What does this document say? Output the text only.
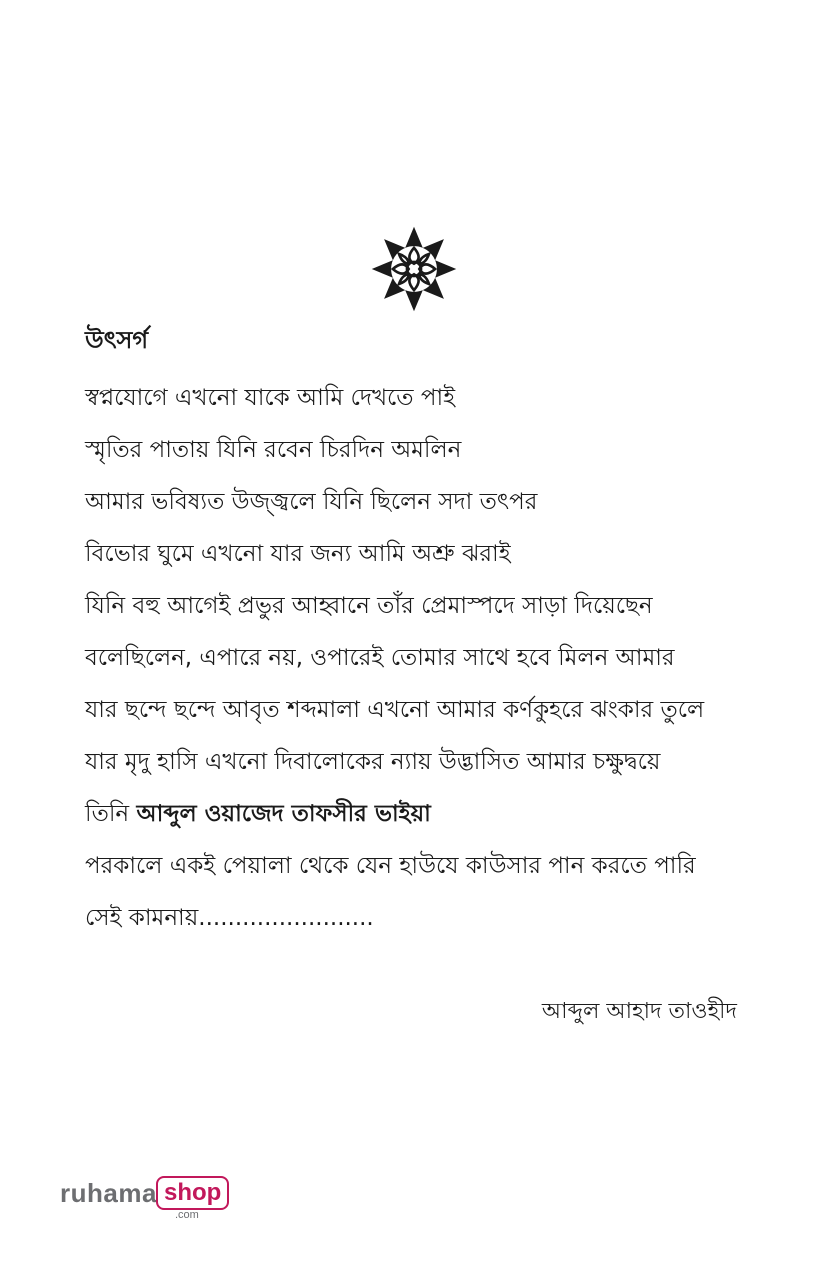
উৎসর্গ

স্বপ্নযোগে এখনো যাকে আমি দেখতে পাই

স্মৃতির পাতায় যিনি রবেন চিরদিন অমলিন

আমার ভবিষ্যত উজ্জ্বলে যিনি ছিলেন সদা তৎপর

বিভোর ঘুমে এখনো যার জন্য আমি অশ্রু ঝরাই

যিনি বহু আগেই প্রভুর আহ্বানে তাঁর প্রেমাস্পদে সাড়া দিয়েছেন

বলেছিলেন, এপারে নয়, ওপারেই তোমার সাথে হবে মিলন আমার

যার ছন্দে ছন্দে আবৃত শব্দমালা এখনো আমার কর্ণকুহরে ঝংকার তুলে

যার মৃদু হাসি এখনো দিবালোকের ন্যায় উদ্ভাসিত আমার চক্ষুদ্বয়ে

তিনি আব্দুল ওয়াজেদ তাফসীর ভাইয়া

পরকালে একই পেয়ালা থেকে যেন হাউযে কাউসার পান করতে পারি

সেই কামনায়........................

আব্দুল আহাদ তাওহীদ
ruhama shop
.com
